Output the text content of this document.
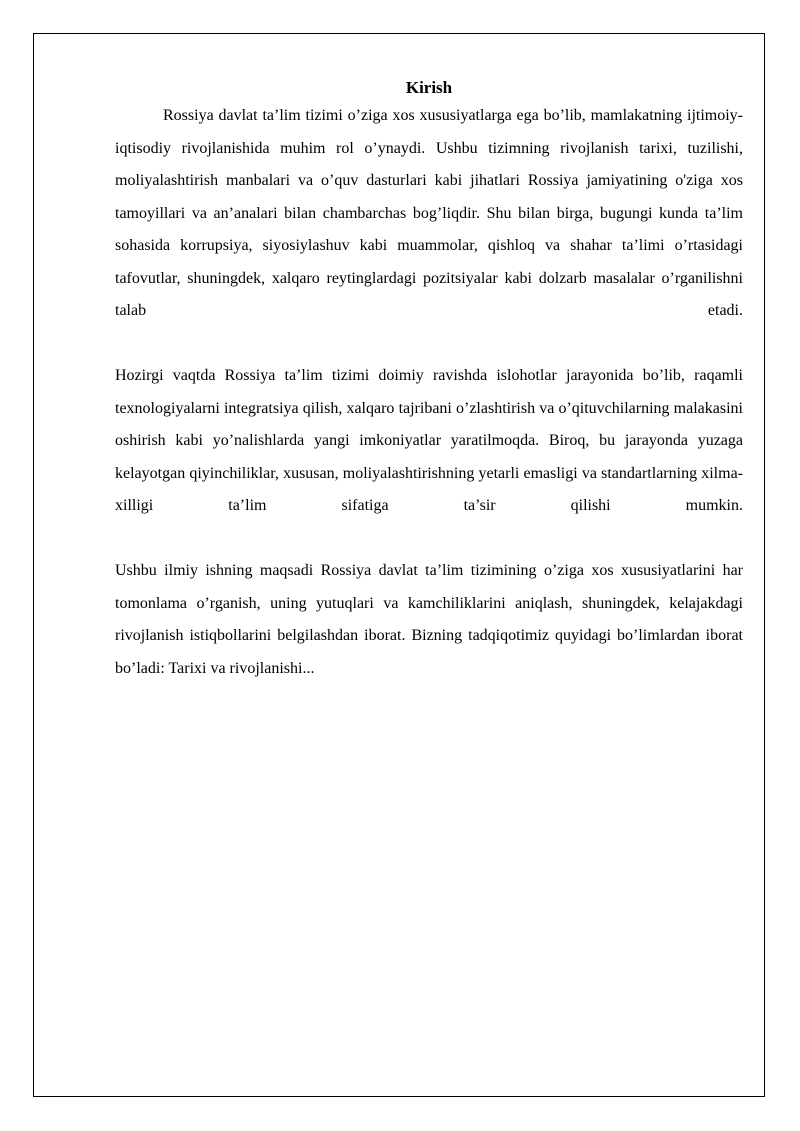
Kirish

Rossiya davlat ta’lim tizimi o’ziga xos xususiyatlarga ega bo’lib, mamlakatning ijtimoiy-iqtisodiy rivojlanishida muhim rol o’ynaydi. Ushbu tizimning rivojlanish tarixi, tuzilishi, moliyalashtirish manbalari va o’quv dasturlari kabi jihatlari Rossiya jamiyatining o'ziga xos tamoyillari va an’analari bilan chambarchas bog’liqdir. Shu bilan birga, bugungi kunda ta’lim sohasida korrupsiya, siyosiylashuv kabi muammolar, qishloq va shahar ta’limi o’rtasidagi tafovutlar, shuningdek, xalqaro reytinglardagi pozitsiyalar kabi dolzarb masalalar o’rganilishni talab etadi.

Hozirgi vaqtda Rossiya ta’lim tizimi doimiy ravishda islohotlar jarayonida bo’lib, raqamli texnologiyalarni integratsiya qilish, xalqaro tajribani o’zlashtirish va o’qituvchilarning malakasini oshirish kabi yo’nalishlarda yangi imkoniyatlar yaratilmoqda. Biroq, bu jarayonda yuzaga kelayotgan qiyinchiliklar, xususan, moliyalashtirishning yetarli emasligi va standartlarning xilma-xilligi ta’lim sifatiga ta’sir qilishi mumkin.

Ushbu ilmiy ishning maqsadi Rossiya davlat ta’lim tizimining o’ziga xos xususiyatlarini har tomonlama o’rganish, uning yutuqlari va kamchiliklarini aniqlash, shuningdek, kelajakdagi rivojlanish istiqbollarini belgilashdan iborat. Bizning tadqiqotimiz quyidagi bo’limlardan iborat bo’ladi: Tarixi va rivojlanishi...
